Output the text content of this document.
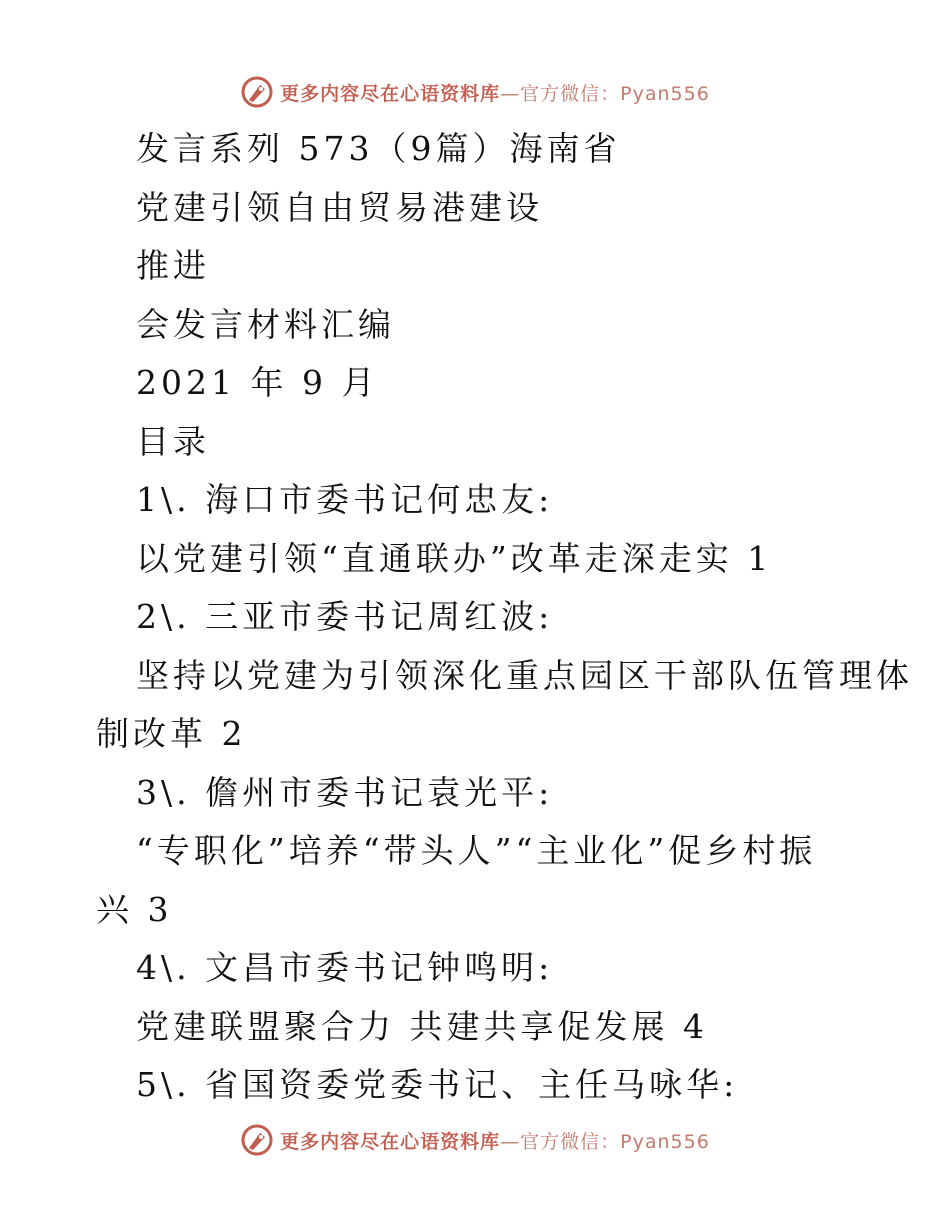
更多内容尽在心语资料库—官方微信：Pyan556
发言系列 573（9篇）海南省
党建引领自由贸易港建设
推进
会发言材料汇编
2021 年 9 月
目录
1\. 海口市委书记何忠友:
以党建引领“直通联办”改革走深走实 1
2\. 三亚市委书记周红波:
坚持以党建为引领深化重点园区干部队伍管理体
制改革 2
3\. 儋州市委书记袁光平:
“专职化”培养“带头人”“主业化”促乡村振
兴 3
4\. 文昌市委书记钟鸣明:
党建联盟聚合力 共建共享促发展 4
5\. 省国资委党委书记、主任马咏华:
更多内容尽在心语资料库—官方微信：Pyan556
